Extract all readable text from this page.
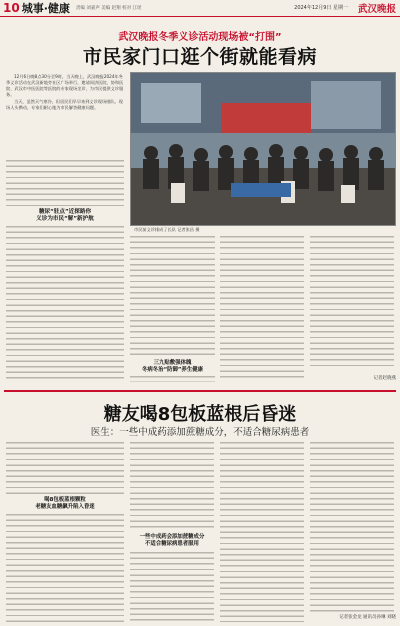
10 城事·健康 责编 刘嘉声 美编 赵翔 校对 江瑶	2024年12月9日 星期一 武汉晚报
武汉晚报冬季义诊活动现场被“打围”
市民家门口逛个街就能看病

12月6日晚8点30分至9时，当天晚上，武汉晚报2024年冬季义诊活动在武汉新地旁社区广场举行，邀请同济医院、协和医院、武汉市中医医院等医院的专家现场坐诊，为市民提供义诊服务。

当天，虽然天气寒冷，但居民们早早来到义诊现场排队。现场人头攒动，专家们耐心地为市民解答健康问题。

糖尿“驻点”近探路你
义诊为市民“解”新护航
市民前义诊排成了长队 记者张昌 摄
三九贴敷强体魄
冬病冬治“防御”养生健康
记者赵晓燕
糖友喝8包板蓝根后昏迷
医生：一些中成药添加蔗糖成分，不适合糖尿病患者
喝8包板蓝根颗粒
老糖友血糖飙升陷入昏迷
一些中成药会添加蔗糖成分
不适合糖尿病患者服用
记者张金龙 通讯员孙琳 刘晓
